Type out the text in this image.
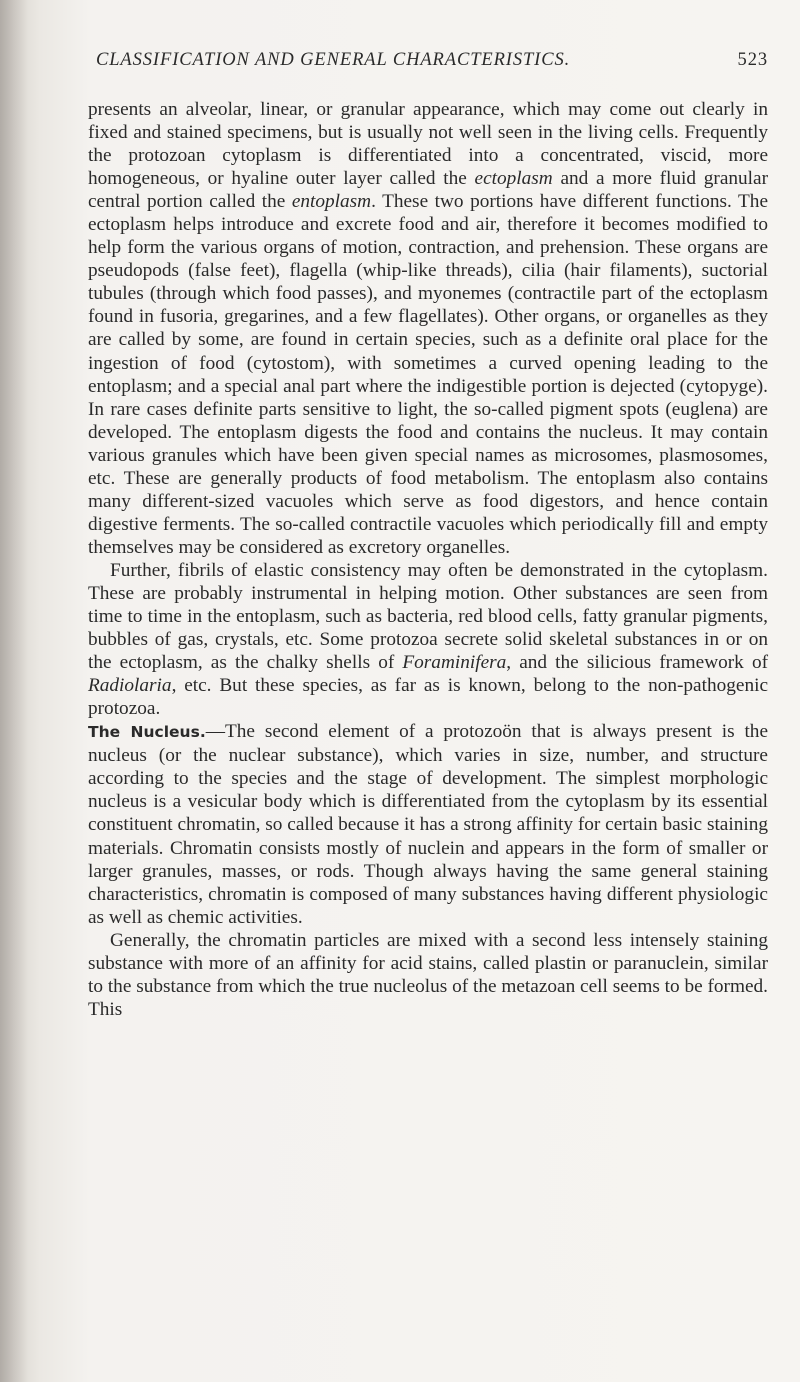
CLASSIFICATION AND GENERAL CHARACTERISTICS.	523

presents an alveolar, linear, or granular appearance, which may come out clearly in fixed and stained specimens, but is usually not well seen in the living cells. Frequently the protozoan cytoplasm is differentiated into a concentrated, viscid, more homogeneous, or hyaline outer layer called the ectoplasm and a more fluid granular central portion called the entoplasm. These two portions have different functions. The ectoplasm helps introduce and excrete food and air, therefore it becomes modified to help form the various organs of motion, contraction, and prehension. These organs are pseudopods (false feet), flagella (whip-like threads), cilia (hair filaments), suctorial tubules (through which food passes), and myonemes (contractile part of the ectoplasm found in fusoria, gregarines, and a few flagellates). Other organs, or organelles as they are called by some, are found in certain species, such as a definite oral place for the ingestion of food (cytostom), with sometimes a curved opening leading to the entoplasm; and a special anal part where the indigestible portion is dejected (cytopyge). In rare cases definite parts sensitive to light, the so-called pigment spots (euglena) are developed. The entoplasm digests the food and contains the nucleus. It may contain various granules which have been given special names as microsomes, plasmosomes, etc. These are generally products of food metabolism. The entoplasm also contains many different-sized vacuoles which serve as food digestors, and hence contain digestive ferments. The so-called contractile vacuoles which periodically fill and empty themselves may be considered as excretory organelles.

Further, fibrils of elastic consistency may often be demonstrated in the cytoplasm. These are probably instrumental in helping motion. Other substances are seen from time to time in the entoplasm, such as bacteria, red blood cells, fatty granular pigments, bubbles of gas, crystals, etc. Some protozoa secrete solid skeletal substances in or on the ectoplasm, as the chalky shells of Foraminifera, and the silicious framework of Radiolaria, etc. But these species, as far as is known, belong to the non-pathogenic protozoa.

The Nucleus.—The second element of a protozoön that is always present is the nucleus (or the nuclear substance), which varies in size, number, and structure according to the species and the stage of development. The simplest morphologic nucleus is a vesicular body which is differentiated from the cytoplasm by its essential constituent chromatin, so called because it has a strong affinity for certain basic staining materials. Chromatin consists mostly of nuclein and appears in the form of smaller or larger granules, masses, or rods. Though always having the same general staining characteristics, chromatin is composed of many substances having different physiologic as well as chemic activities.

Generally, the chromatin particles are mixed with a second less intensely staining substance with more of an affinity for acid stains, called plastin or paranuclein, similar to the substance from which the true nucleolus of the metazoan cell seems to be formed. This
